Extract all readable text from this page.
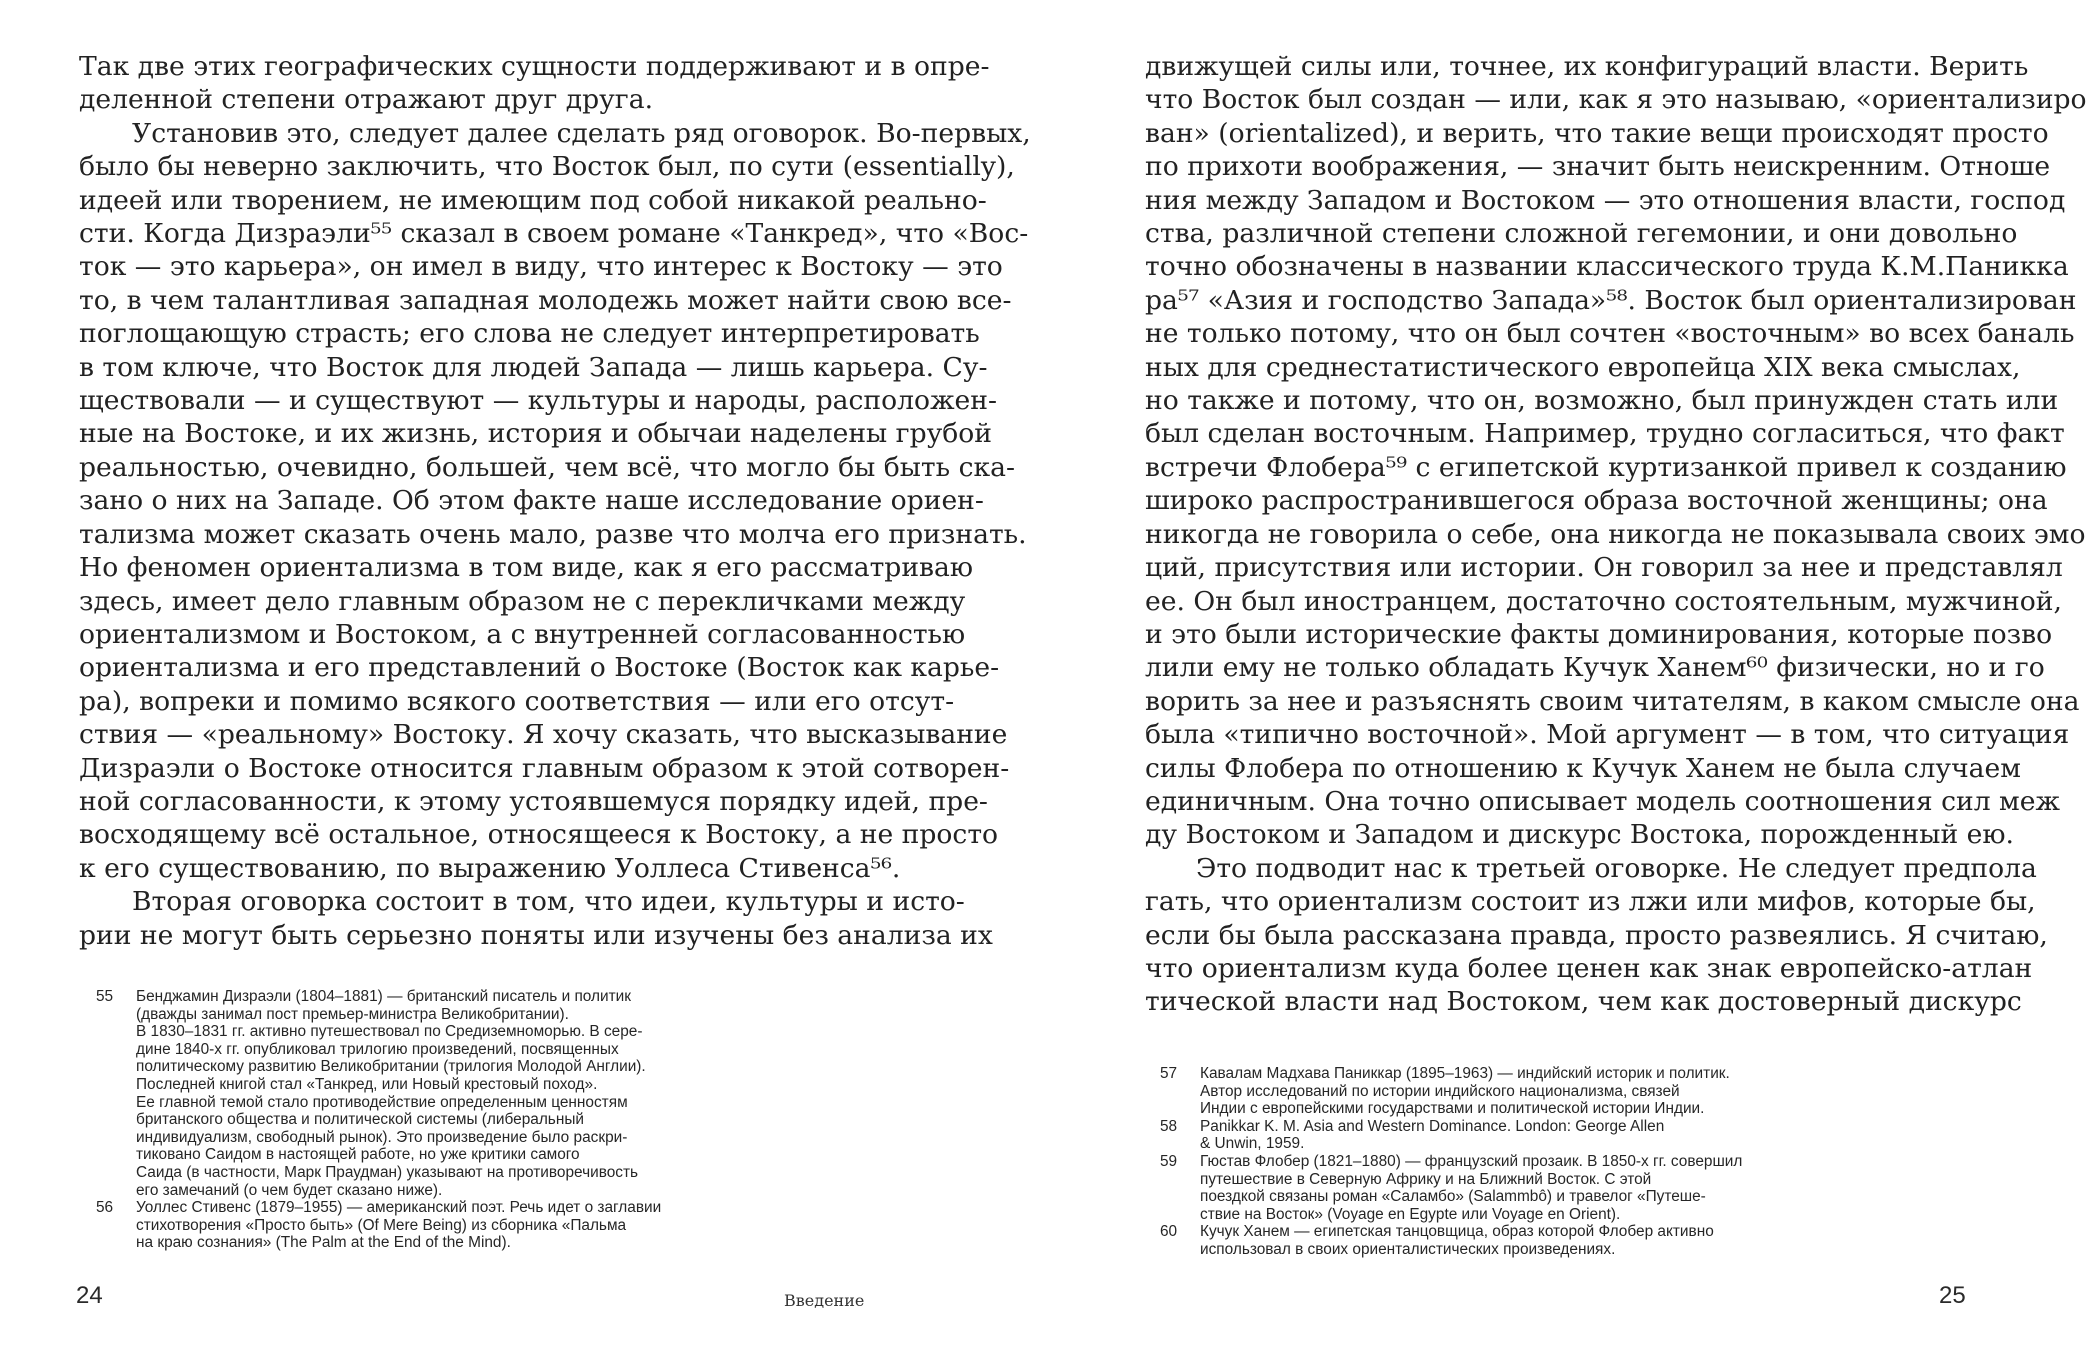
Так две этих географических сущности поддерживают и в опре-
деленной степени отражают друг друга.
Установив это, следует далее сделать ряд оговорок. Во-первых,
было бы неверно заключить, что Восток был, по сути (essentially),
идеей или творением, не имеющим под собой никакой реально-
сти. Когда Дизраэли⁵⁵ сказал в своем романе «Танкред», что «Вос-
ток — это карьера», он имел в виду, что интерес к Востоку — это
то, в чем талантливая западная молодежь может найти свою все-
поглощающую страсть; его слова не следует интерпретировать
в том ключе, что Восток для людей Запада — лишь карьера. Су-
ществовали — и существуют — культуры и народы, расположен-
ные на Востоке, и их жизнь, история и обычаи наделены грубой
реальностью, очевидно, большей, чем всё, что могло бы быть ска-
зано о них на Западе. Об этом факте наше исследование ориен-
тализма может сказать очень мало, разве что молча его признать.
Но феномен ориентализма в том виде, как я его рассматриваю
здесь, имеет дело главным образом не с перекличками между
ориентализмом и Востоком, а с внутренней согласованностью
ориентализма и его представлений о Востоке (Восток как карье-
ра), вопреки и помимо всякого соответствия — или его отсут-
ствия — «реальному» Востоку. Я хочу сказать, что высказывание
Дизраэли о Востоке относится главным образом к этой сотворен-
ной согласованности, к этому устоявшемуся порядку идей, пре-
восходящему всё остальное, относящееся к Востоку, а не просто
к его существованию, по выражению Уоллеса Стивенса⁵⁶.
Вторая оговорка состоит в том, что идеи, культуры и исто-
рии не могут быть серьезно поняты или изучены без анализа их
55	Бенджамин Дизраэли (1804–1881) — британский писатель и политик
(дважды занимал пост премьер-министра Великобритании).
В 1830–1831 гг. активно путешествовал по Средиземноморью. В сере-
дине 1840-х гг. опубликовал трилогию произведений, посвященных
политическому развитию Великобритании (трилогия Молодой Англии).
Последней книгой стал «Танкред, или Новый крестовый поход».
Ее главной темой стало противодействие определенным ценностям
британского общества и политической системы (либеральный
индивидуализм, свободный рынок). Это произведение было раскри-
тиковано Саидом в настоящей работе, но уже критики самого
Саида (в частности, Марк Праудман) указывают на противоречивость
его замечаний (о чем будет сказано ниже).
56	Уоллес Стивенс (1879–1955) — американский поэт. Речь идет о заглавии
стихотворения «Просто быть» (Of Mere Being) из сборника «Пальма
на краю сознания» (The Palm at the End of the Mind).
24	Введение
движущей силы или, точнее, их конфигураций власти. Верить
что Восток был создан — или, как я это называю, «ориентализиро
ван» (orientalized), и верить, что такие вещи происходят просто
по прихоти воображения, — значит быть неискренним. Отноше
ния между Западом и Востоком — это отношения власти, господ
ства, различной степени сложной гегемонии, и они довольно
точно обозначены в названии классического труда К.М.Паникка
ра⁵⁷ «Азия и господство Запада»⁵⁸. Восток был ориентализирован
не только потому, что он был сочтен «восточным» во всех баналь
ных для среднестатистического европейца XIX века смыслах,
но также и потому, что он, возможно, был принужден стать или
был сделан восточным. Например, трудно согласиться, что факт
встречи Флобера⁵⁹ с египетской куртизанкой привел к созданию
широко распространившегося образа восточной женщины; она
никогда не говорила о себе, она никогда не показывала своих эмо
ций, присутствия или истории. Он говорил за нее и представлял
ее. Он был иностранцем, достаточно состоятельным, мужчиной,
и это были исторические факты доминирования, которые позво
лили ему не только обладать Кучук Ханем⁶⁰ физически, но и го
ворить за нее и разъяснять своим читателям, в каком смысле она
была «типично восточной». Мой аргумент — в том, что ситуация
силы Флобера по отношению к Кучук Ханем не была случаем
единичным. Она точно описывает модель соотношения сил меж
ду Востоком и Западом и дискурс Востока, порожденный ею.
Это подводит нас к третьей оговорке. Не следует предпола
гать, что ориентализм состоит из лжи или мифов, которые бы,
если бы была рассказана правда, просто развеялись. Я считаю,
что ориентализм куда более ценен как знак европейско-атлан
тической власти над Востоком, чем как достоверный дискурс
57	Кавалам Мадхава Паниккар (1895–1963) — индийский историк и политик.
Автор исследований по истории индийского национализма, связей
Индии с европейскими государствами и политической истории Индии.
58	Panikkar K. M. Asia and Western Dominance. London: George Allen
& Unwin, 1959.
59	Гюстав Флобер (1821–1880) — французский прозаик. В 1850-х гг. совершил
путешествие в Северную Африку и на Ближний Восток. С этой
поездкой связаны роман «Саламбо» (Salammbô) и травелог «Путеше-
ствие на Восток» (Voyage en Egypte или Voyage en Orient).
60	Кучук Ханем — египетская танцовщица, образ которой Флобер активно
использовал в своих ориенталистических произведениях.
25
